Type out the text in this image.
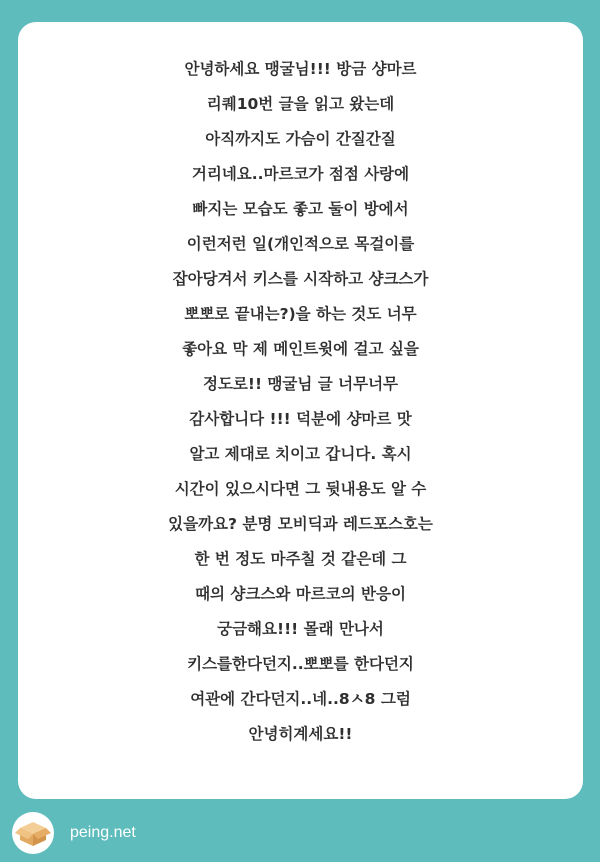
안녕하세요 맹굴님!!! 방금 샹마르
리퀘10번 글을 읽고 왔는데
아직까지도 가슴이 간질간질
거리네요..마르코가 점점 사랑에
빠지는 모습도 좋고 둘이 방에서
이런저런 일(개인적으로 목걸이를
잡아당겨서 키스를 시작하고 샹크스가
뽀뽀로 끝내는?)을 하는 것도 너무
좋아요 막 제 메인트윗에 걸고 싶을
정도로!! 맹굴님 글 너무너무
감사합니다 !!! 덕분에 샹마르 맛
알고 제대로 치이고 갑니다. 혹시
시간이 있으시다면 그 뒷내용도 알 수
있을까요? 분명 모비딕과 레드포스호는
한 번 정도 마주칠 것 같은데 그
때의 샹크스와 마르코의 반응이
궁금해요!!! 몰래 만나서
키스를한다던지..뽀뽀를 한다던지
여관에 간다던지..네..8ㅅ8 그럼
안녕히계세요!!
peing.net
